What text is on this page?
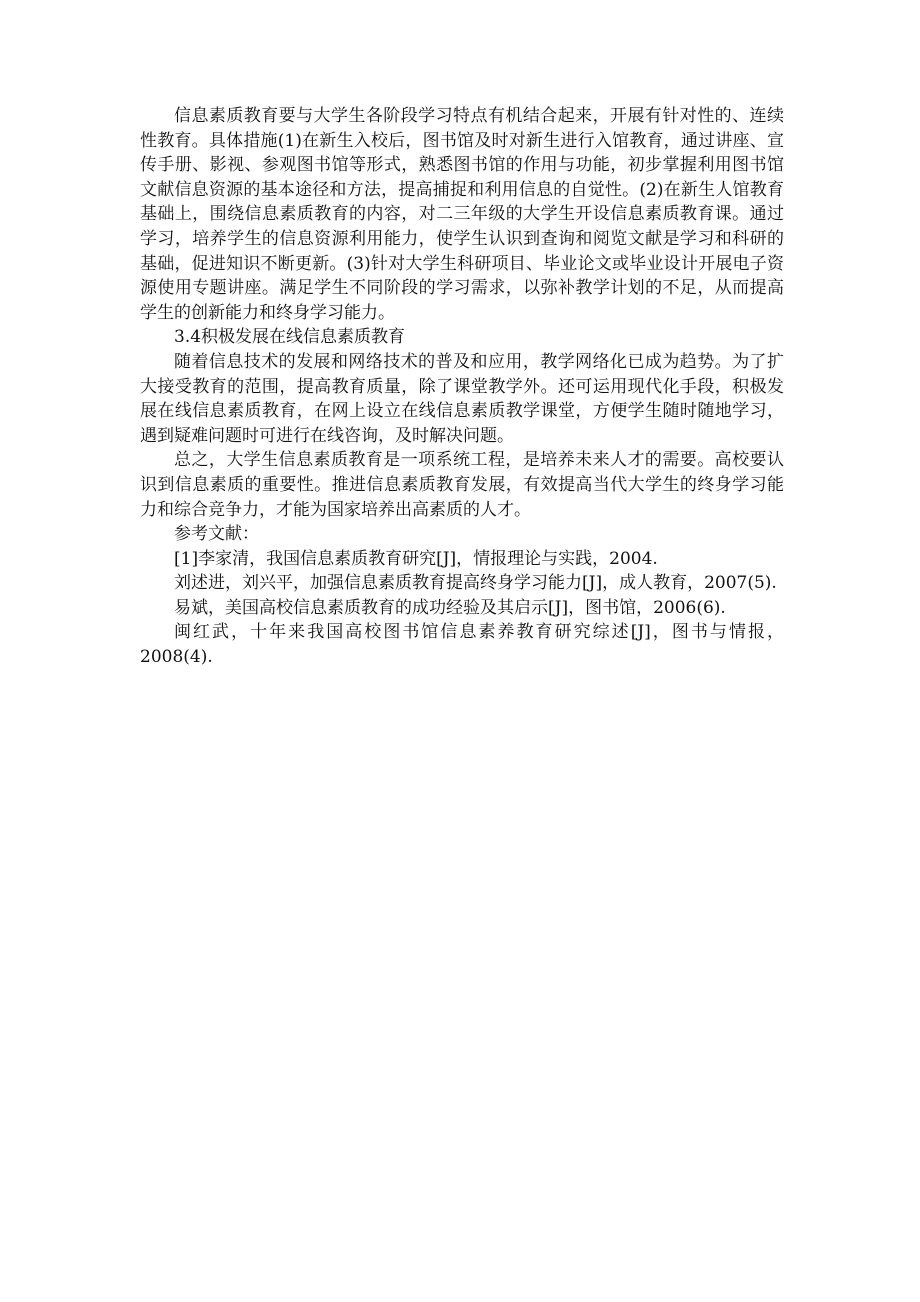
信息素质教育要与大学生各阶段学习特点有机结合起来，开展有针对性的、连续性教育。具体措施(1)在新生入校后，图书馆及时对新生进行入馆教育，通过讲座、宣传手册、影视、参观图书馆等形式，熟悉图书馆的作用与功能，初步掌握利用图书馆文献信息资源的基本途径和方法，提高捕捉和利用信息的自觉性。(2)在新生人馆教育基础上，围绕信息素质教育的内容，对二三年级的大学生开设信息素质教育课。通过学习，培养学生的信息资源利用能力，使学生认识到查询和阅览文献是学习和科研的基础，促进知识不断更新。(3)针对大学生科研项目、毕业论文或毕业设计开展电子资源使用专题讲座。满足学生不同阶段的学习需求，以弥补教学计划的不足，从而提高学生的创新能力和终身学习能力。

3.4积极发展在线信息素质教育

随着信息技术的发展和网络技术的普及和应用，教学网络化已成为趋势。为了扩大接受教育的范围，提高教育质量，除了课堂教学外。还可运用现代化手段，积极发展在线信息素质教育，在网上设立在线信息素质教学课堂，方便学生随时随地学习，遇到疑难问题时可进行在线咨询，及时解决问题。

总之，大学生信息素质教育是一项系统工程，是培养未来人才的需要。高校要认识到信息素质的重要性。推进信息素质教育发展，有效提高当代大学生的终身学习能力和综合竞争力，才能为国家培养出高素质的人才。

参考文献：

[1]李家清，我国信息素质教育研究[J]，情报理论与实践，2004.

刘述进，刘兴平，加强信息素质教育提高终身学习能力[J]，成人教育，2007(5).

易斌，美国高校信息素质教育的成功经验及其启示[J]，图书馆，2006(6).

闽红武，十年来我国高校图书馆信息素养教育研究综述[J]，图书与情报，2008(4).
